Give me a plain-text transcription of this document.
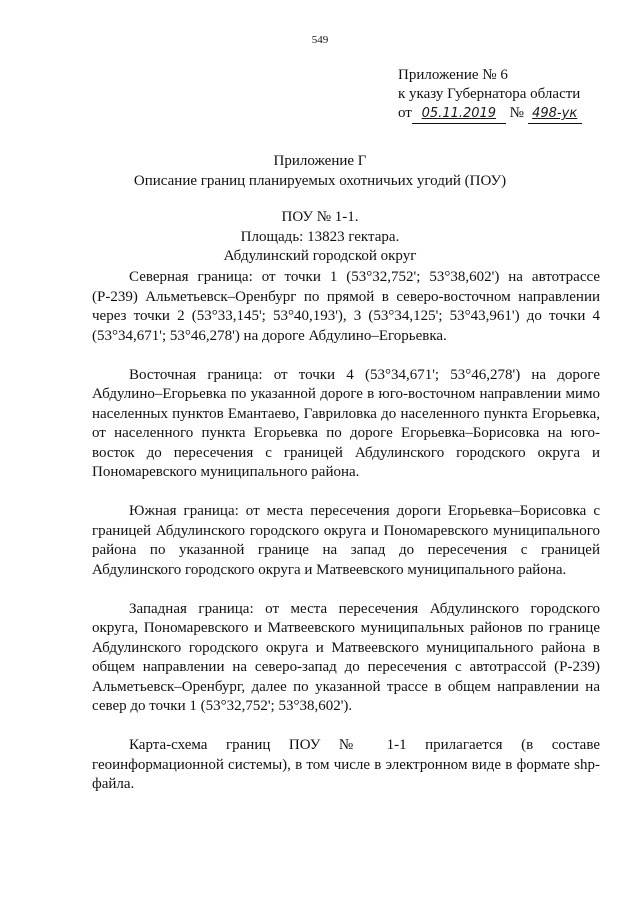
549
Приложение № 6
к указу Губернатора области
от 05.11.2019 № 498-ук
Приложение Г
Описание границ планируемых охотничьих угодий (ПОУ)
ПОУ № 1-1.
Площадь: 13823 гектара.
Абдулинский городской округ

Северная граница: от точки 1 (53°32,752'; 53°38,602') на автотрассе (Р-239) Альметьевск–Оренбург по прямой в северо-восточном направлении через точки 2 (53°33,145'; 53°40,193'), 3 (53°34,125'; 53°43,961') до точки 4 (53°34,671'; 53°46,278') на дороге Абдулино–Егорьевка.

Восточная граница: от точки 4 (53°34,671'; 53°46,278') на дороге Абдулино–Егорьевка по указанной дороге в юго-восточном направлении мимо населенных пунктов Емантаево, Гавриловка до населенного пункта Егорьевка, от населенного пункта Егорьевка по дороге Егорьевка–Борисовка на юго-восток до пересечения с границей Абдулинского городского округа и Пономаревского муниципального района.

Южная граница: от места пересечения дороги Егорьевка–Борисовка с границей Абдулинского городского округа и Пономаревского муниципального района по указанной границе на запад до пересечения с границей Абдулинского городского округа и Матвеевского муниципального района.

Западная граница: от места пересечения Абдулинского городского округа, Пономаревского и Матвеевского муниципальных районов по границе Абдулинского городского округа и Матвеевского муниципального района в общем направлении на северо-запад до пересечения с автотрассой (Р-239) Альметьевск–Оренбург, далее по указанной трассе в общем направлении на север до точки 1 (53°32,752'; 53°38,602').

Карта-схема границ ПОУ № 1-1 прилагается (в составе геоинформационной системы), в том числе в электронном виде в формате shp-файла.
